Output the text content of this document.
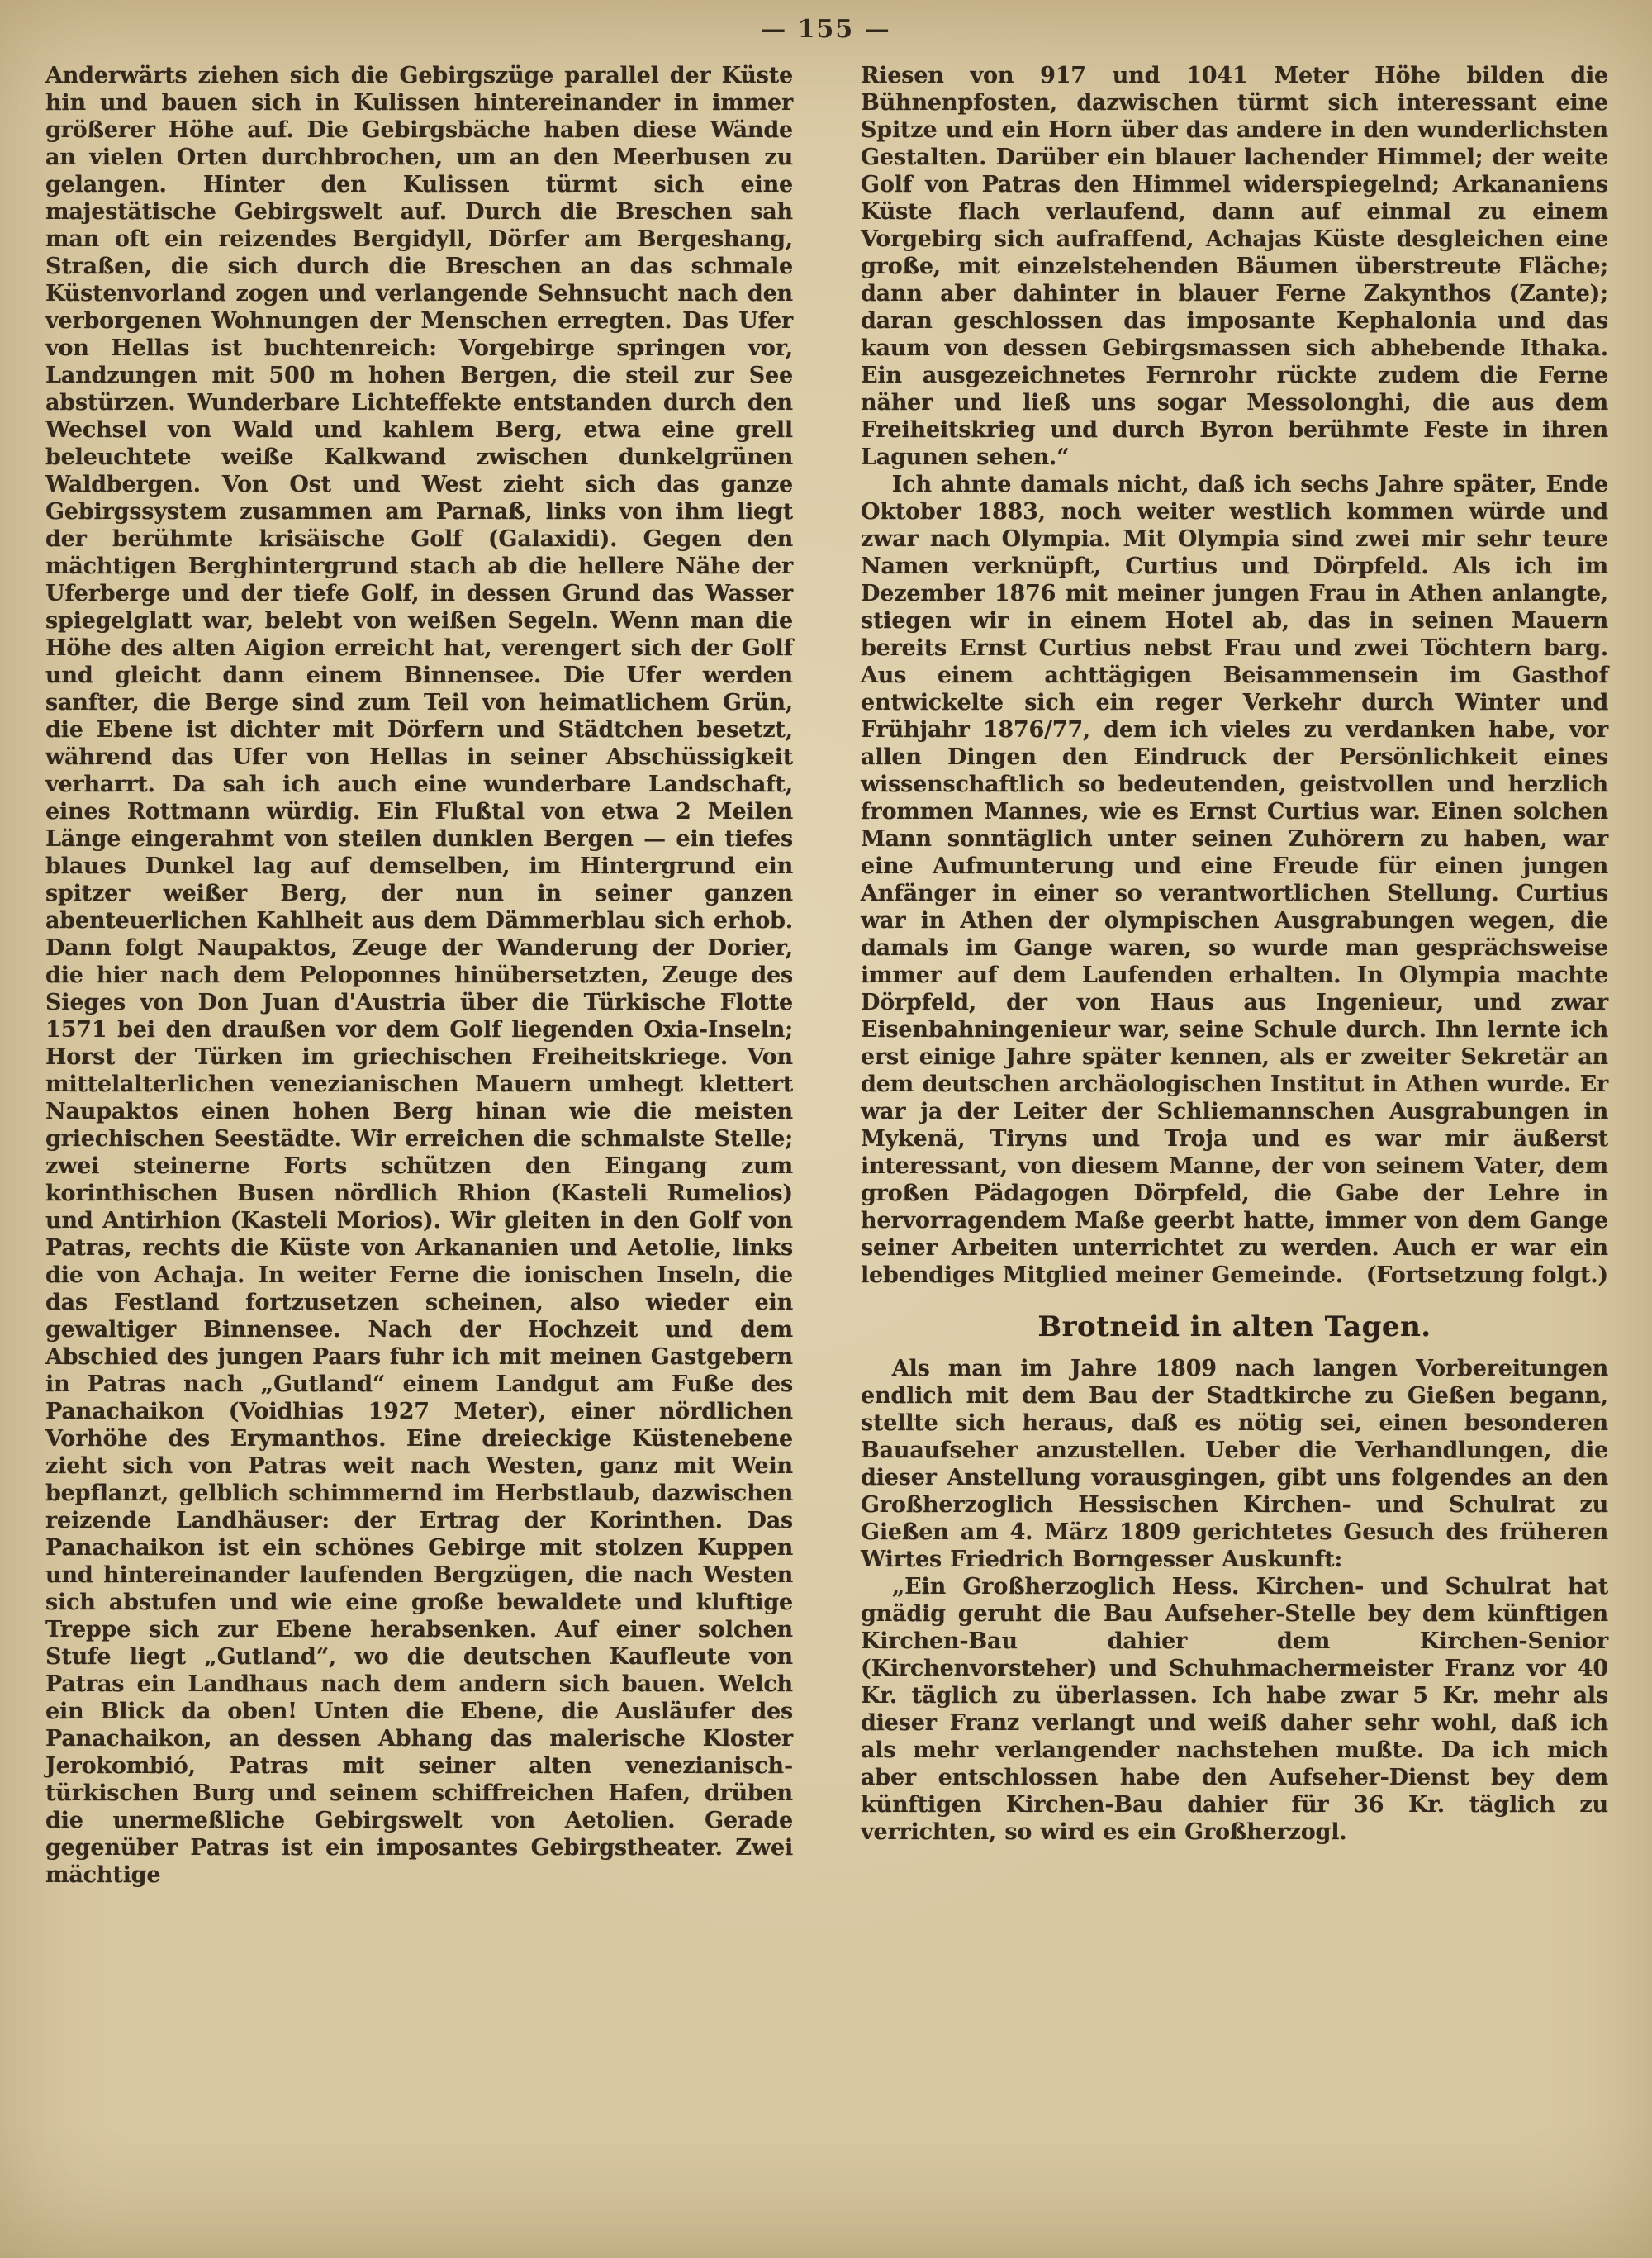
— 155 —

Anderwärts ziehen sich die Gebirgszüge parallel der Küste hin und bauen sich in Kulissen hintereinander in immer größerer Höhe auf. Die Gebirgsbäche haben diese Wände an vielen Orten durchbrochen, um an den Meerbusen zu gelangen. Hinter den Kulissen türmt sich eine majestätische Gebirgswelt auf. Durch die Breschen sah man oft ein reizendes Bergidyll, Dörfer am Bergeshang, Straßen, die sich durch die Breschen an das schmale Küstenvorland zogen und verlangende Sehnsucht nach den verborgenen Wohnungen der Menschen erregten. Das Ufer von Hellas ist buchtenreich: Vorgebirge springen vor, Landzungen mit 500 m hohen Bergen, die steil zur See abstürzen. Wunderbare Lichteffekte entstanden durch den Wechsel von Wald und kahlem Berg, etwa eine grell beleuchtete weiße Kalkwand zwischen dunkelgrünen Waldbergen. Von Ost und West zieht sich das ganze Gebirgssystem zusammen am Parnaß, links von ihm liegt der berühmte krisäische Golf (Galaxidi). Gegen den mächtigen Berghintergrund stach ab die hellere Nähe der Uferberge und der tiefe Golf, in dessen Grund das Wasser spiegelglatt war, belebt von weißen Segeln. Wenn man die Höhe des alten Aigion erreicht hat, verengert sich der Golf und gleicht dann einem Binnensee. Die Ufer werden sanfter, die Berge sind zum Teil von heimatlichem Grün, die Ebene ist dichter mit Dörfern und Städtchen besetzt, während das Ufer von Hellas in seiner Abschüssigkeit verharrt. Da sah ich auch eine wunderbare Landschaft, eines Rottmann würdig. Ein Flußtal von etwa 2 Meilen Länge eingerahmt von steilen dunklen Bergen — ein tiefes blaues Dunkel lag auf demselben, im Hintergrund ein spitzer weißer Berg, der nun in seiner ganzen abenteuerlichen Kahlheit aus dem Dämmerblau sich erhob. Dann folgt Naupaktos, Zeuge der Wanderung der Dorier, die hier nach dem Peloponnes hinübersetzten, Zeuge des Sieges von Don Juan d'Austria über die Türkische Flotte 1571 bei den draußen vor dem Golf liegenden Oxia-Inseln; Horst der Türken im griechischen Freiheitskriege. Von mittelalterlichen venezianischen Mauern umhegt klettert Naupaktos einen hohen Berg hinan wie die meisten griechischen Seestädte. Wir erreichen die schmalste Stelle; zwei steinerne Forts schützen den Eingang zum korinthischen Busen nördlich Rhion (Kasteli Rumelios) und Antirhion (Kasteli Morios). Wir gleiten in den Golf von Patras, rechts die Küste von Arkananien und Aetolie, links die von Achaja. In weiter Ferne die ionischen Inseln, die das Festland fortzusetzen scheinen, also wieder ein gewaltiger Binnensee. Nach der Hochzeit und dem Abschied des jungen Paars fuhr ich mit meinen Gastgebern in Patras nach „Gutland“ einem Landgut am Fuße des Panachaikon (Voidhias 1927 Meter), einer nördlichen Vorhöhe des Erymanthos. Eine dreieckige Küstenebene zieht sich von Patras weit nach Westen, ganz mit Wein bepflanzt, gelblich schimmernd im Herbstlaub, dazwischen reizende Landhäuser: der Ertrag der Korinthen. Das Panachaikon ist ein schönes Gebirge mit stolzen Kuppen und hintereinander laufenden Bergzügen, die nach Westen sich abstufen und wie eine große bewaldete und kluftige Treppe sich zur Ebene herabsenken. Auf einer solchen Stufe liegt „Gutland“, wo die deutschen Kaufleute von Patras ein Landhaus nach dem andern sich bauen. Welch ein Blick da oben! Unten die Ebene, die Ausläufer des Panachaikon, an dessen Abhang das malerische Kloster Jerokombió, Patras mit seiner alten venezianisch-türkischen Burg und seinem schiffreichen Hafen, drüben die unermeßliche Gebirgswelt von Aetolien. Gerade gegenüber Patras ist ein imposantes Gebirgstheater. Zwei mächtige

Riesen von 917 und 1041 Meter Höhe bilden die Bühnenpfosten, dazwischen türmt sich interessant eine Spitze und ein Horn über das andere in den wunderlichsten Gestalten. Darüber ein blauer lachender Himmel; der weite Golf von Patras den Himmel widerspiegelnd; Arkananiens Küste flach verlaufend, dann auf einmal zu einem Vorgebirg sich aufraffend, Achajas Küste desgleichen eine große, mit einzelstehenden Bäumen überstreute Fläche; dann aber dahinter in blauer Ferne Zakynthos (Zante); daran geschlossen das imposante Kephalonia und das kaum von dessen Gebirgsmassen sich abhebende Ithaka. Ein ausgezeichnetes Fernrohr rückte zudem die Ferne näher und ließ uns sogar Messolonghi, die aus dem Freiheitskrieg und durch Byron berühmte Feste in ihren Lagunen sehen.“

Ich ahnte damals nicht, daß ich sechs Jahre später, Ende Oktober 1883, noch weiter westlich kommen würde und zwar nach Olympia. Mit Olympia sind zwei mir sehr teure Namen verknüpft, Curtius und Dörpfeld. Als ich im Dezember 1876 mit meiner jungen Frau in Athen anlangte, stiegen wir in einem Hotel ab, das in seinen Mauern bereits Ernst Curtius nebst Frau und zwei Töchtern barg. Aus einem achttägigen Beisammensein im Gasthof entwickelte sich ein reger Verkehr durch Winter und Frühjahr 1876/77, dem ich vieles zu verdanken habe, vor allen Dingen den Eindruck der Persönlichkeit eines wissenschaftlich so bedeutenden, geistvollen und herzlich frommen Mannes, wie es Ernst Curtius war. Einen solchen Mann sonntäglich unter seinen Zuhörern zu haben, war eine Aufmunterung und eine Freude für einen jungen Anfänger in einer so verantwortlichen Stellung. Curtius war in Athen der olympischen Ausgrabungen wegen, die damals im Gange waren, so wurde man gesprächsweise immer auf dem Laufenden erhalten. In Olympia machte Dörpfeld, der von Haus aus Ingenieur, und zwar Eisenbahningenieur war, seine Schule durch. Ihn lernte ich erst einige Jahre später kennen, als er zweiter Sekretär an dem deutschen archäologischen Institut in Athen wurde. Er war ja der Leiter der Schliemannschen Ausgrabungen in Mykenä, Tiryns und Troja und es war mir äußerst interessant, von diesem Manne, der von seinem Vater, dem großen Pädagogen Dörpfeld, die Gabe der Lehre in hervorragendem Maße geerbt hatte, immer von dem Gange seiner Arbeiten unterrichtet zu werden. Auch er war ein lebendiges Mitglied meiner Gemeinde. (Fortsetzung folgt.)

Brotneid in alten Tagen.

Als man im Jahre 1809 nach langen Vorbereitungen endlich mit dem Bau der Stadtkirche zu Gießen begann, stellte sich heraus, daß es nötig sei, einen besonderen Bauaufseher anzustellen. Ueber die Verhandlungen, die dieser Anstellung vorausgingen, gibt uns folgendes an den Großherzoglich Hessischen Kirchen- und Schulrat zu Gießen am 4. März 1809 gerichtetes Gesuch des früheren Wirtes Friedrich Borngesser Auskunft:

„Ein Großherzoglich Hess. Kirchen- und Schulrat hat gnädig geruht die Bau Aufseher-Stelle bey dem künftigen Kirchen-Bau dahier dem Kirchen-Senior (Kirchenvorsteher) und Schuhmachermeister Franz vor 40 Kr. täglich zu überlassen. Ich habe zwar 5 Kr. mehr als dieser Franz verlangt und weiß daher sehr wohl, daß ich als mehr verlangender nachstehen mußte. Da ich mich aber entschlossen habe den Aufseher-Dienst bey dem künftigen Kirchen-Bau dahier für 36 Kr. täglich zu verrichten, so wird es ein Großherzogl.
